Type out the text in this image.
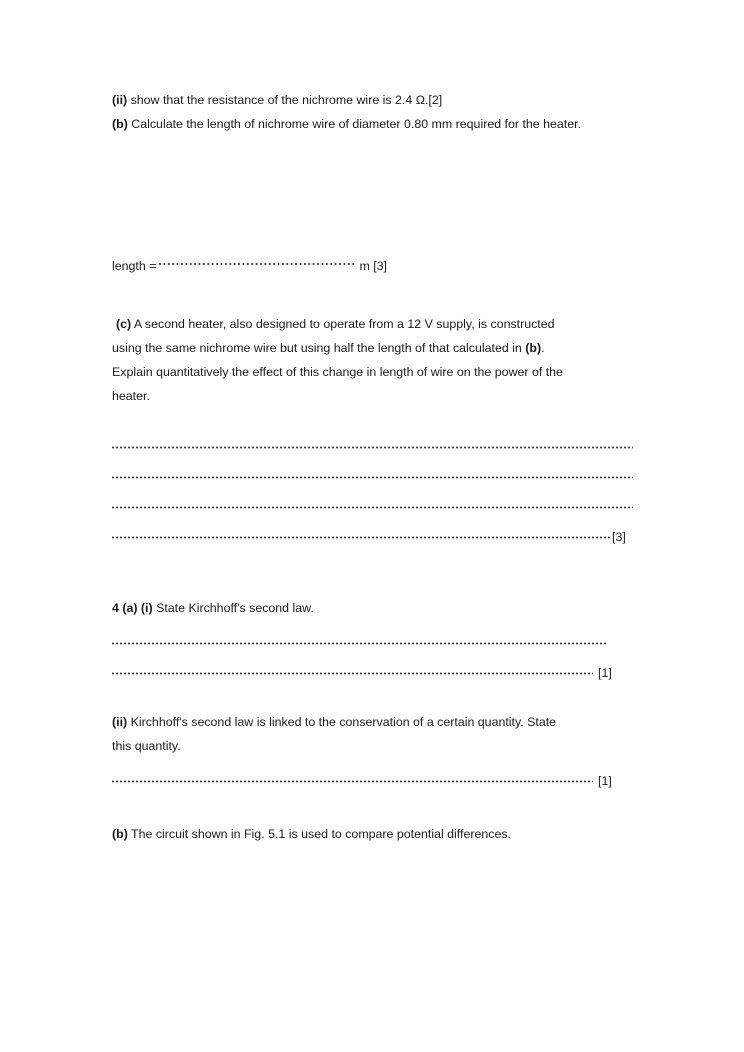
(ii) show that the resistance of the nichrome wire is 2.4 Ω.[2]
(b) Calculate the length of nichrome wire of diameter 0.80 mm required for the heater.
length =	m [3]
(c) A second heater, also designed to operate from a 12 V supply, is constructed
using the same nichrome wire but using half the length of that calculated in (b).
Explain quantitatively the effect of this change in length of wire on the power of the
heater.
[3]
4 (a) (i) State Kirchhoff's second law.
[1]
(ii) Kirchhoff's second law is linked to the conservation of a certain quantity. State
this quantity.
[1]
(b) The circuit shown in Fig. 5.1 is used to compare potential differences.
